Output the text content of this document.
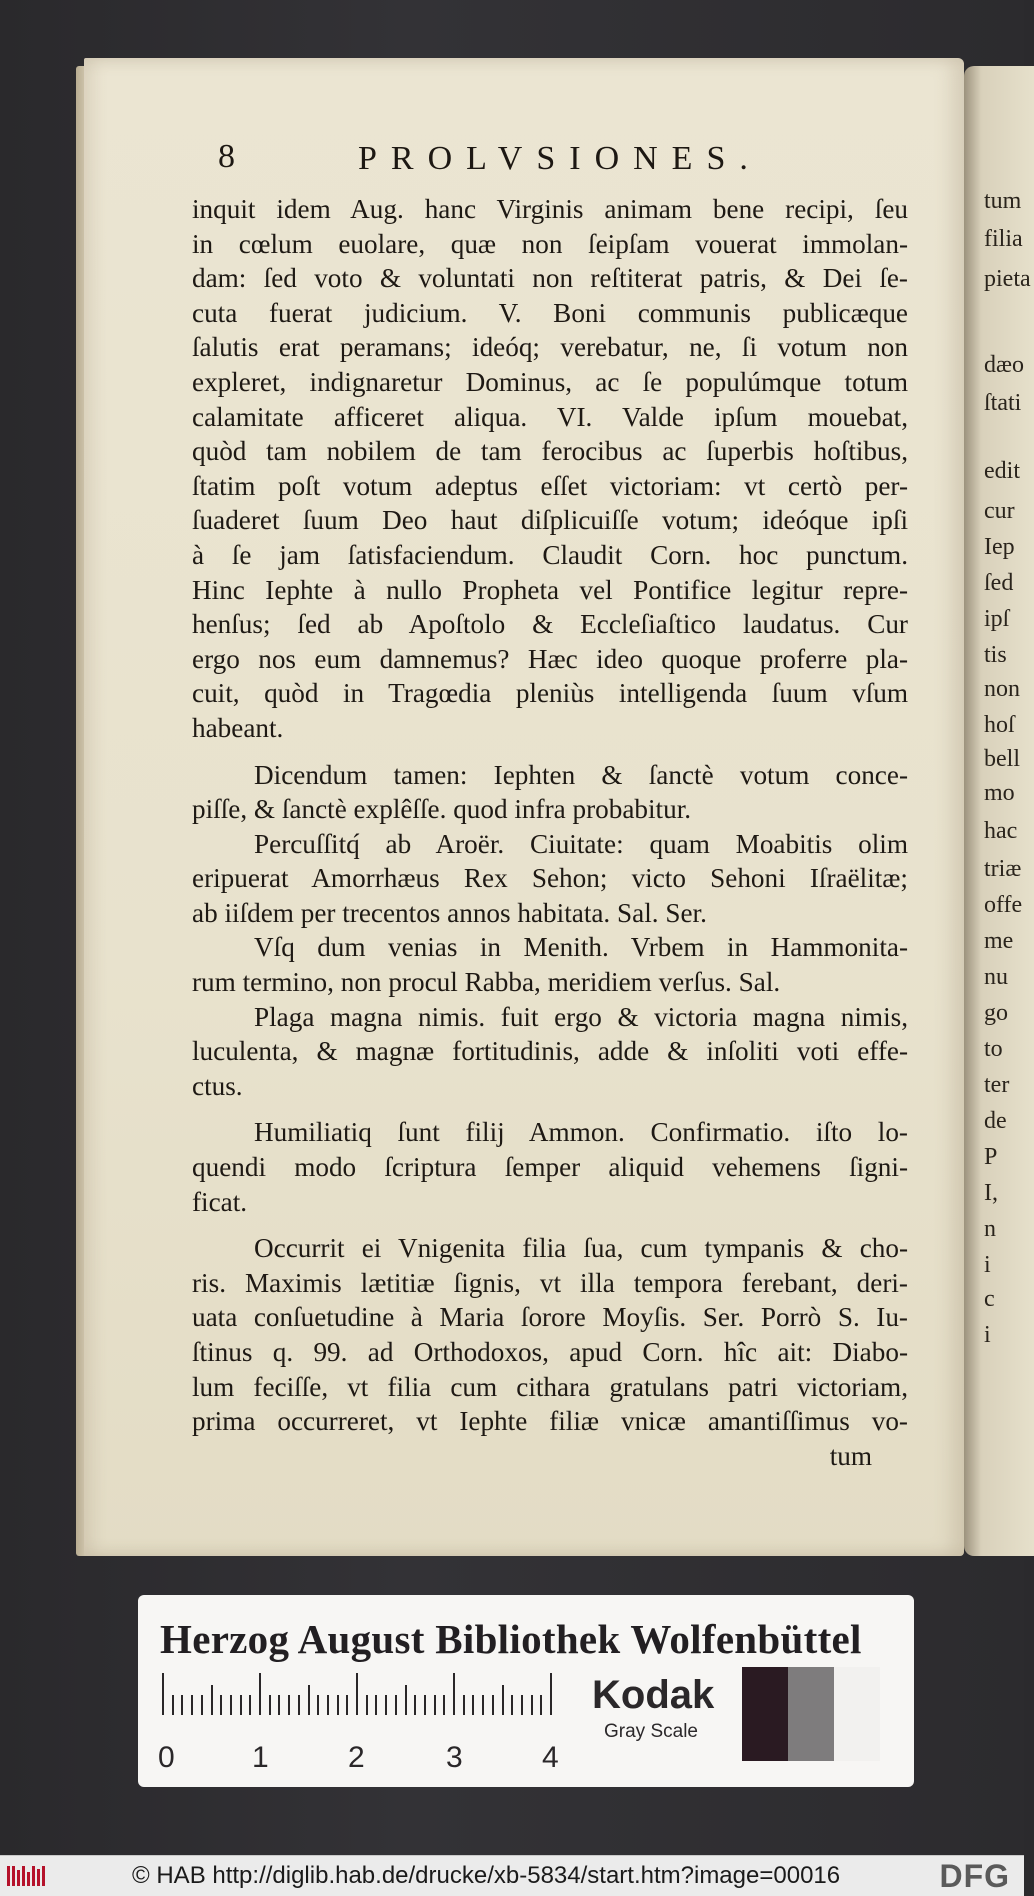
tum
filia
pieta
dæo
ſtati
edit
cur
Iep
ſed
ipſ
tis
non
hoſ
bell
mo
hac
triæ
offe
me
nu
go
to
ter
de
P
I,
n
i
c
i
8	PROLVSIONES.
inquit idem Aug. hanc Virginis animam bene recipi, ſeu
in cœlum euolare, quæ non ſeipſam vouerat immolan-
dam: ſed voto & voluntati non reſtiterat patris, & Dei ſe-
cuta fuerat judicium. V. Boni communis publicæque
ſalutis erat peramans; ideóq; verebatur, ne, ſi votum non
expleret, indignaretur Dominus, ac ſe populúmque totum
calamitate afficeret aliqua. VI. Valde ipſum mouebat,
quòd tam nobilem de tam ferocibus ac ſuperbis hoſtibus,
ſtatim poſt votum adeptus eſſet victoriam: vt certò per-
ſuaderet ſuum Deo haut diſplicuiſſe votum; ideóque ipſi
à ſe jam ſatisfaciendum. Claudit Corn. hoc punctum.
Hinc Iephte à nullo Propheta vel Pontifice legitur repre-
henſus; ſed ab Apoſtolo & Eccleſiaſtico laudatus. Cur
ergo nos eum damnemus? Hæc ideo quoque proferre pla-
cuit, quòd in Tragœdia pleniùs intelligenda ſuum vſum
habeant.
Dicendum tamen: Iephten & ſanctè votum conce-
piſſe, & ſanctè explêſſe. quod infra probabitur.
Percuſſitq́ ab Aroër. Ciuitate: quam Moabitis olim
eripuerat Amorrhæus Rex Sehon; victo Sehoni Iſraëlitæ;
ab iiſdem per trecentos annos habitata. Sal. Ser.
Vſq dum venias in Menith. Vrbem in Hammonita-
rum termino, non procul Rabba, meridiem verſus. Sal.
Plaga magna nimis. fuit ergo & victoria magna nimis,
luculenta, & magnæ fortitudinis, adde & inſoliti voti effe-
ctus.
Humiliatiq ſunt filij Ammon. Confirmatio. iſto lo-
quendi modo ſcriptura ſemper aliquid vehemens ſigni-
ficat.
Occurrit ei Vnigenita filia ſua, cum tympanis & cho-
ris. Maximis lætitiæ ſignis, vt illa tempora ferebant, deri-
uata conſuetudine à Maria ſorore Moyſis. Ser. Porrò S. Iu-
ſtinus q. 99. ad Orthodoxos, apud Corn. hîc ait: Diabo-
lum feciſſe, vt filia cum cithara gratulans patri victoriam,
prima occurreret, vt Iephte filiæ vnicæ amantiſſimus vo-
tum
Herzog August Bibliothek Wolfenbüttel
0	1	2	3	4
Kodak
Gray Scale
© HAB http://diglib.hab.de/drucke/xb-5834/start.htm?image=00016	DFG
